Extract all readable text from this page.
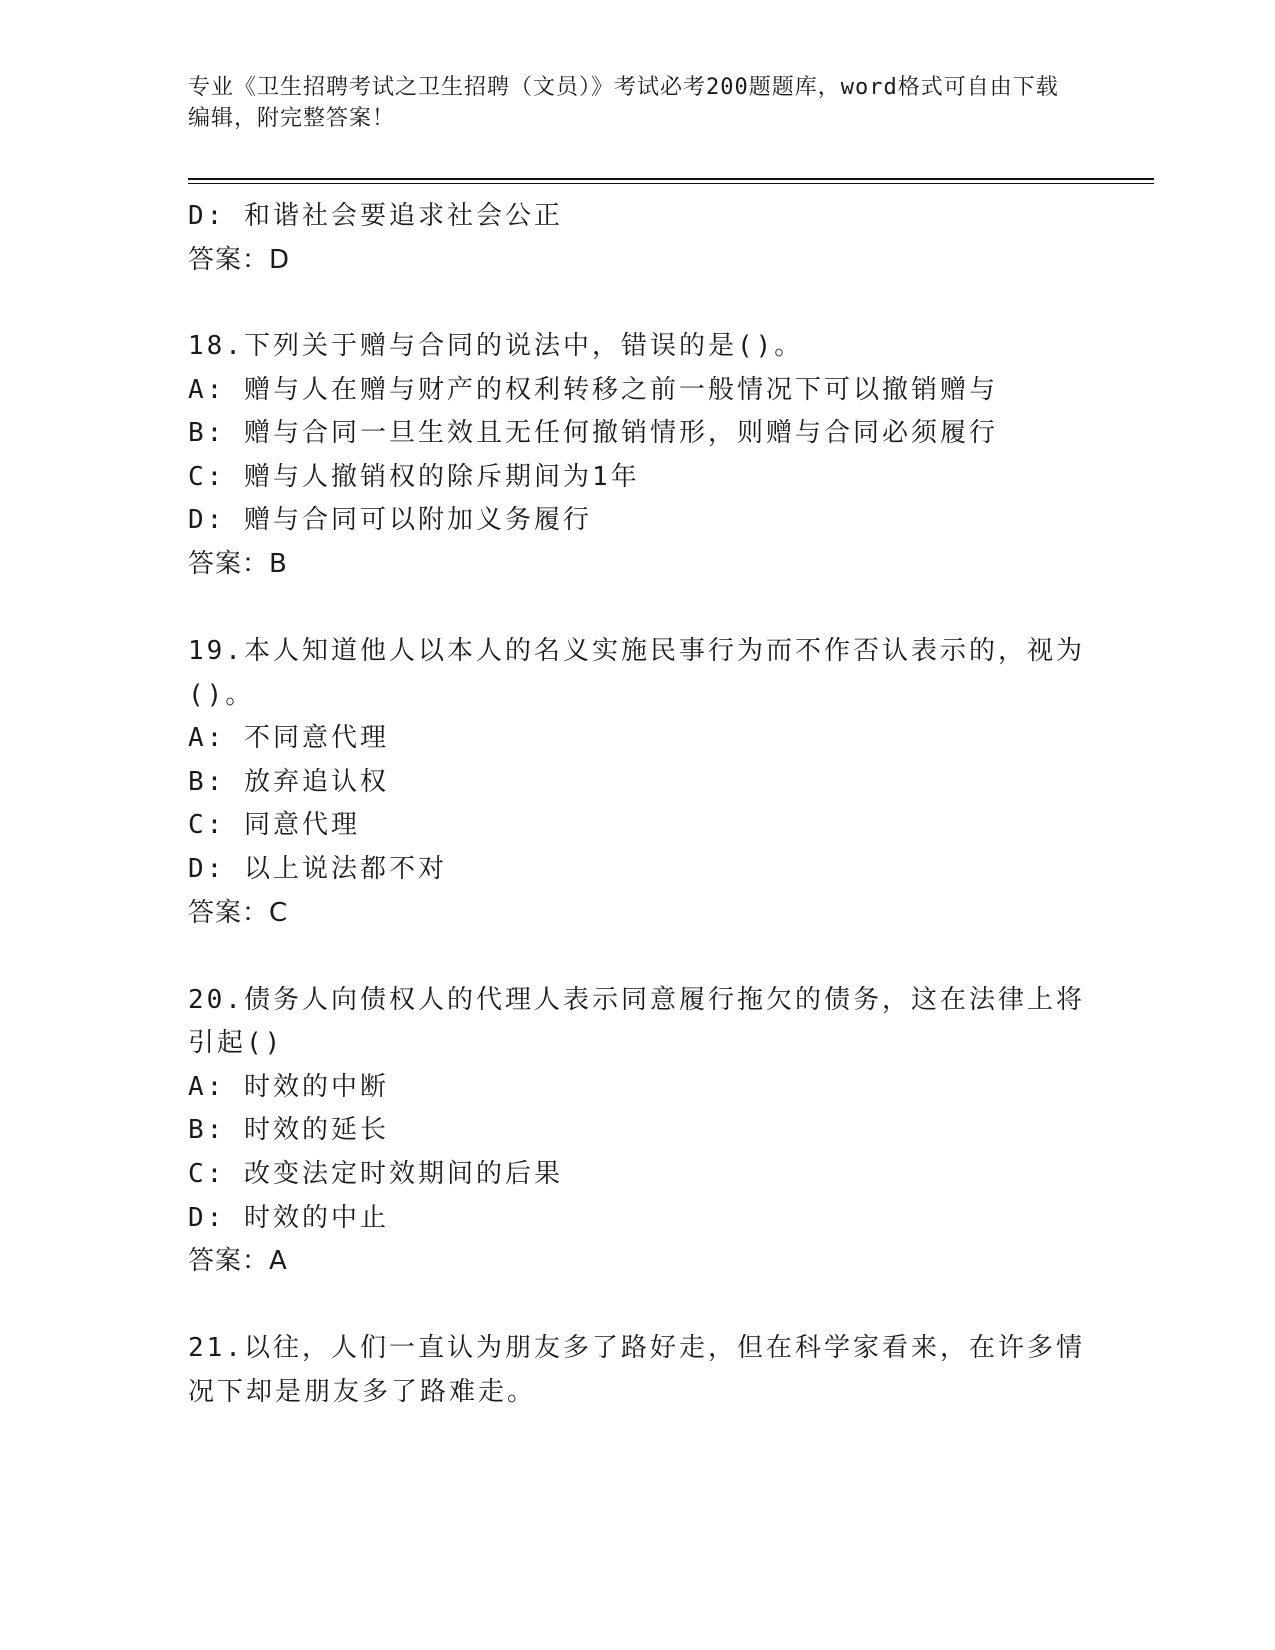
专业《卫生招聘考试之卫生招聘（文员）》考试必考200题题库，word格式可自由下载编辑，附完整答案！
D: 和谐社会要追求社会公正
答案：D
18.下列关于赠与合同的说法中，错误的是()。
A: 赠与人在赠与财产的权利转移之前一般情况下可以撤销赠与
B: 赠与合同一旦生效且无任何撤销情形，则赠与合同必须履行
C: 赠与人撤销权的除斥期间为1年
D: 赠与合同可以附加义务履行
答案：B
19.本人知道他人以本人的名义实施民事行为而不作否认表示的，视为
()。
A: 不同意代理
B: 放弃追认权
C: 同意代理
D: 以上说法都不对
答案：C
20.债务人向债权人的代理人表示同意履行拖欠的债务，这在法律上将
引起()
A: 时效的中断
B: 时效的延长
C: 改变法定时效期间的后果
D: 时效的中止
答案：A
21.以往，人们一直认为朋友多了路好走，但在科学家看来，在许多情
况下却是朋友多了路难走。
